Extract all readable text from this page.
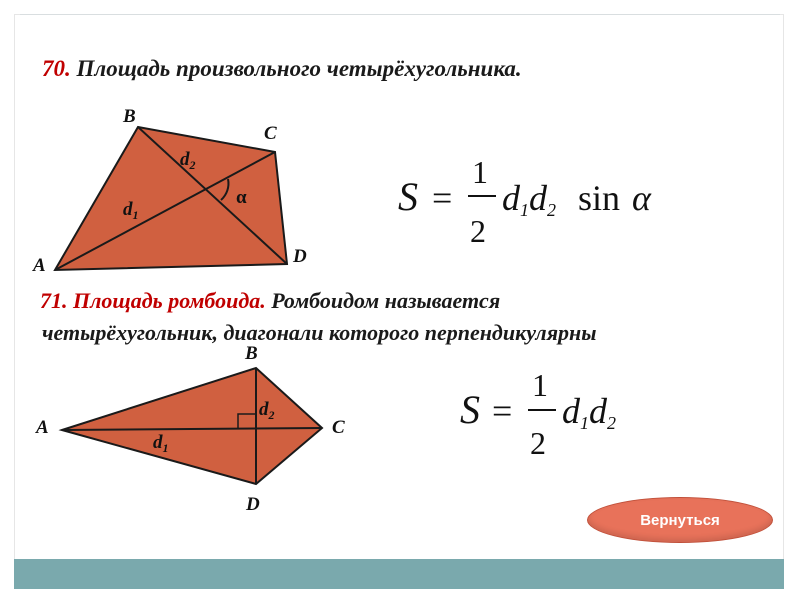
70. Площадь произвольного четырёхугольника.
71. Площадь ромбоида. Ромбоидом называется
четырёхугольник, диагонали которого перпендикулярны
B
C
A	D
$d_2$
$d_1$
α	S =
1
2
d1d2 sin α
B
A	C
D
$d_2$
$d_1$
S =
1
2
d1d2
Вернуться
